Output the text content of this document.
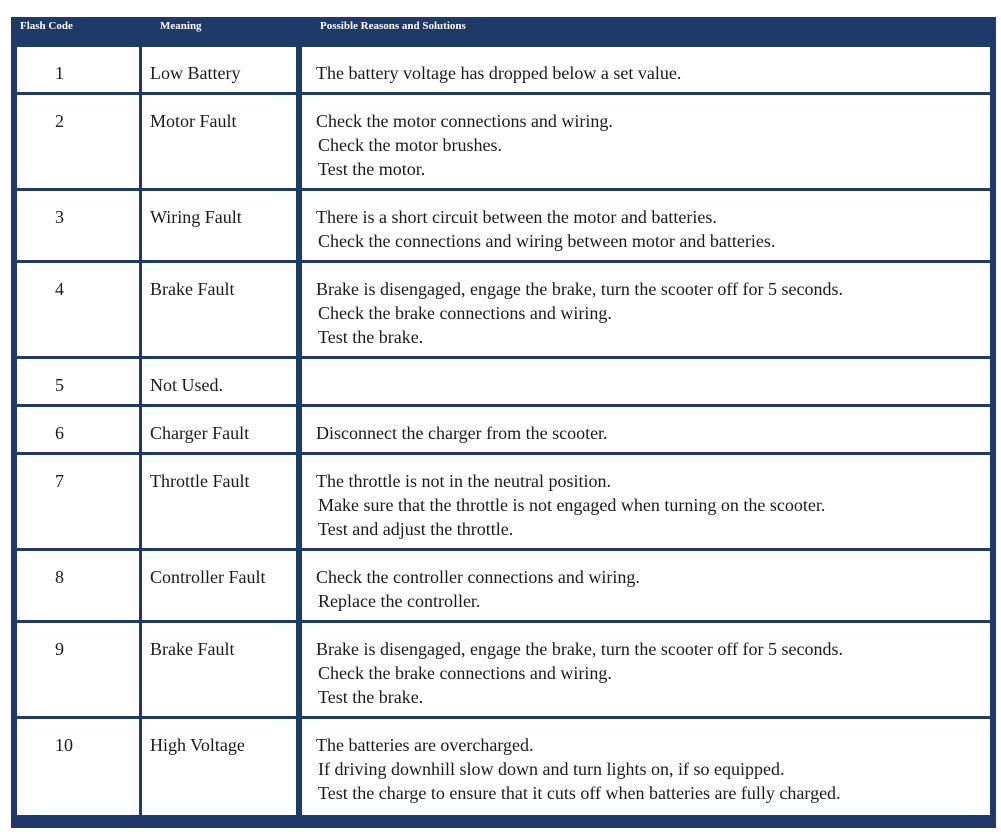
Flash Code	Meaning	Possible Reasons and Solutions
1	Low Battery	The battery voltage has dropped below a set value.

2	Motor Fault	Check the motor connections and wiring.
Check the motor brushes.
Test the motor.

3	Wiring Fault	There is a short circuit between the motor and batteries.
Check the connections and wiring between motor and batteries.

4	Brake Fault	Brake is disengaged, engage the brake, turn the scooter off for 5 seconds.
Check the brake connections and wiring.
Test the brake.

5	Not Used.	
6	Charger Fault	Disconnect the charger from the scooter.

7	Throttle Fault	The throttle is not in the neutral position.
Make sure that the throttle is not engaged when turning on the scooter.
Test and adjust the throttle.

8	Controller Fault	Check the controller connections and wiring.
Replace the controller.

9	Brake Fault	Brake is disengaged, engage the brake, turn the scooter off for 5 seconds.
Check the brake connections and wiring.
Test the brake.

10	High Voltage	The batteries are overcharged.
If driving downhill slow down and turn lights on, if so equipped.
Test the charge to ensure that it cuts off when batteries are fully charged.
